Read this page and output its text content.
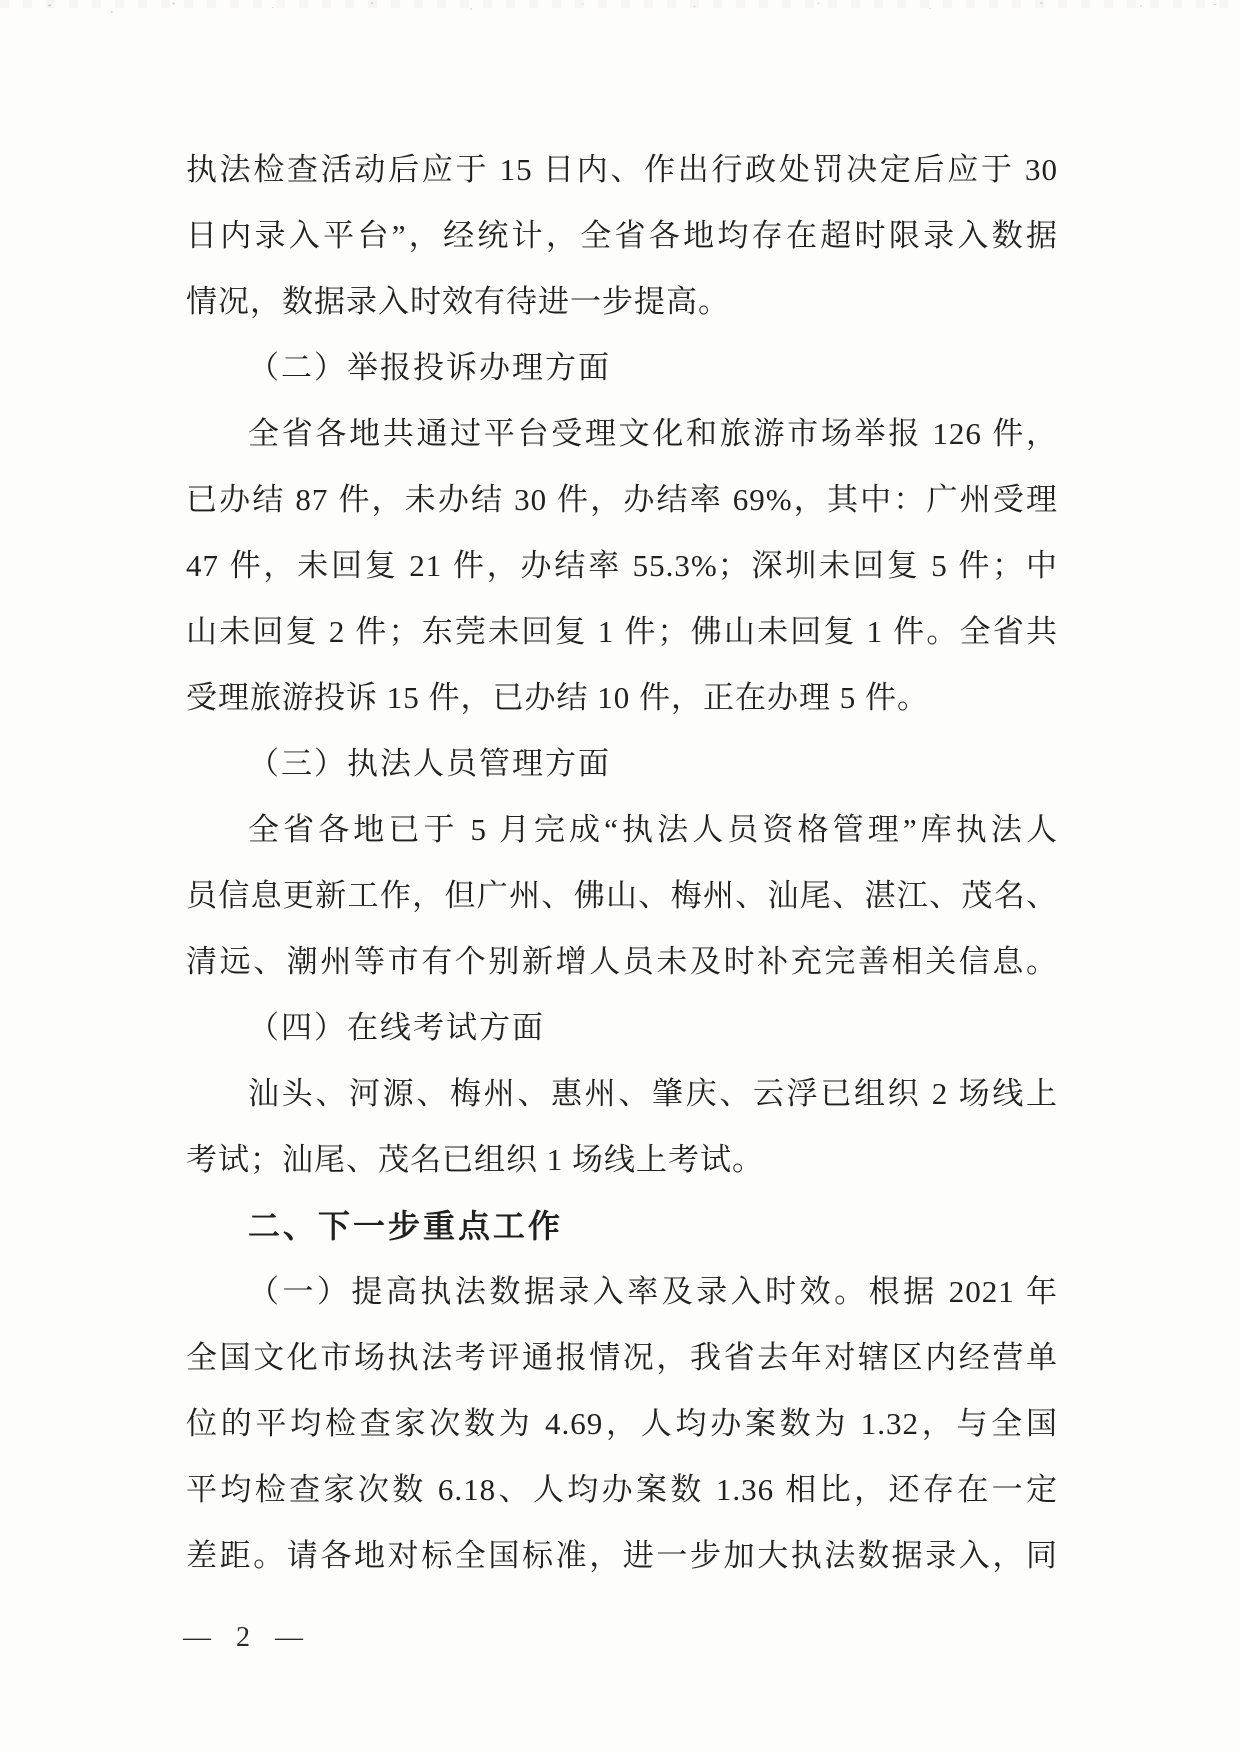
执法检查活动后应于 15 日内、作出行政处罚决定后应于 30
日内录入平台”，经统计，全省各地均存在超时限录入数据
情况，数据录入时效有待进一步提高。
（二）举报投诉办理方面
全省各地共通过平台受理文化和旅游市场举报 126 件，
已办结 87 件，未办结 30 件，办结率 69%，其中：广州受理
47 件，未回复 21 件，办结率 55.3%；深圳未回复 5 件；中
山未回复 2 件；东莞未回复 1 件；佛山未回复 1 件。全省共
受理旅游投诉 15 件，已办结 10 件，正在办理 5 件。
（三）执法人员管理方面
全省各地已于 5 月完成“执法人员资格管理”库执法人
员信息更新工作，但广州、佛山、梅州、汕尾、湛江、茂名、
清远、潮州等市有个别新增人员未及时补充完善相关信息。
（四）在线考试方面
汕头、河源、梅州、惠州、肇庆、云浮已组织 2 场线上
考试；汕尾、茂名已组织 1 场线上考试。
二、下一步重点工作
（一）提高执法数据录入率及录入时效。根据 2021 年
全国文化市场执法考评通报情况，我省去年对辖区内经营单
位的平均检查家次数为 4.69，人均办案数为 1.32，与全国
平均检查家次数 6.18、人均办案数 1.36 相比，还存在一定
差距。请各地对标全国标准，进一步加大执法数据录入，同
— 2 —
